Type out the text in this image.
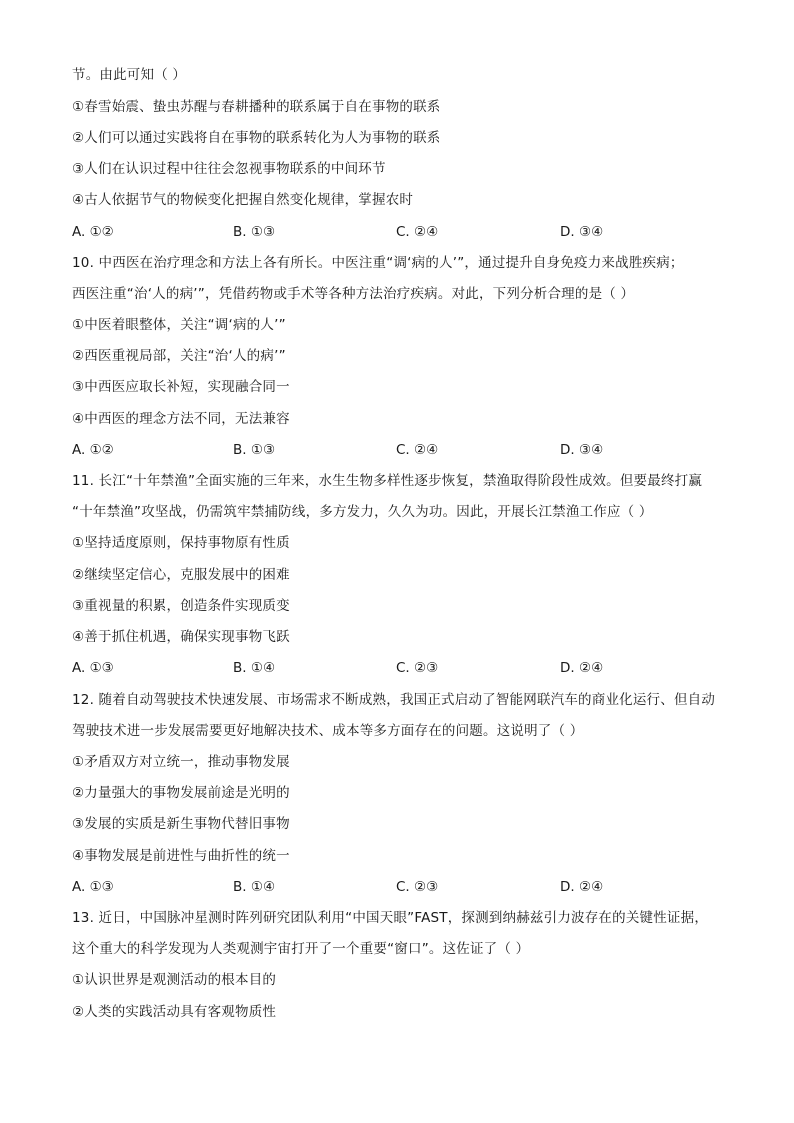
节。由此可知（ ）
①春雪始震、蛰虫苏醒与春耕播种的联系属于自在事物的联系
②人们可以通过实践将自在事物的联系转化为人为事物的联系
③人们在认识过程中往往会忽视事物联系的中间环节
④古人依据节气的物候变化把握自然变化规律，掌握农时
A. ①②	B. ①③	C. ②④	D. ③④
10. 中西医在治疗理念和方法上各有所长。中医注重“调‘病的人’”，通过提升自身免疫力来战胜疾病；
西医注重“治‘人的病’”，凭借药物或手术等各种方法治疗疾病。对此，下列分析合理的是（ ）
①中医着眼整体，关注“调‘病的人’”
②西医重视局部，关注“治‘人的病’”
③中西医应取长补短，实现融合同一
④中西医的理念方法不同，无法兼容
A. ①②	B. ①③	C. ②④	D. ③④
11. 长江“十年禁渔”全面实施的三年来，水生生物多样性逐步恢复，禁渔取得阶段性成效。但要最终打赢
“十年禁渔”攻坚战，仍需筑牢禁捕防线，多方发力，久久为功。因此，开展长江禁渔工作应（ ）
①坚持适度原则，保持事物原有性质
②继续坚定信心，克服发展中的困难
③重视量的积累，创造条件实现质变
④善于抓住机遇，确保实现事物飞跃
A. ①③	B. ①④	C. ②③	D. ②④
12. 随着自动驾驶技术快速发展、市场需求不断成熟，我国正式启动了智能网联汽车的商业化运行、但自动
驾驶技术进一步发展需要更好地解决技术、成本等多方面存在的问题。这说明了（ ）
①矛盾双方对立统一，推动事物发展
②力量强大的事物发展前途是光明的
③发展的实质是新生事物代替旧事物
④事物发展是前进性与曲折性的统一
A. ①③	B. ①④	C. ②③	D. ②④
13. 近日，中国脉冲星测时阵列研究团队利用“中国天眼”FAST，探测到纳赫兹引力波存在的关键性证据，
这个重大的科学发现为人类观测宇宙打开了一个重要“窗口”。这佐证了（ ）
①认识世界是观测活动的根本目的
②人类的实践活动具有客观物质性
